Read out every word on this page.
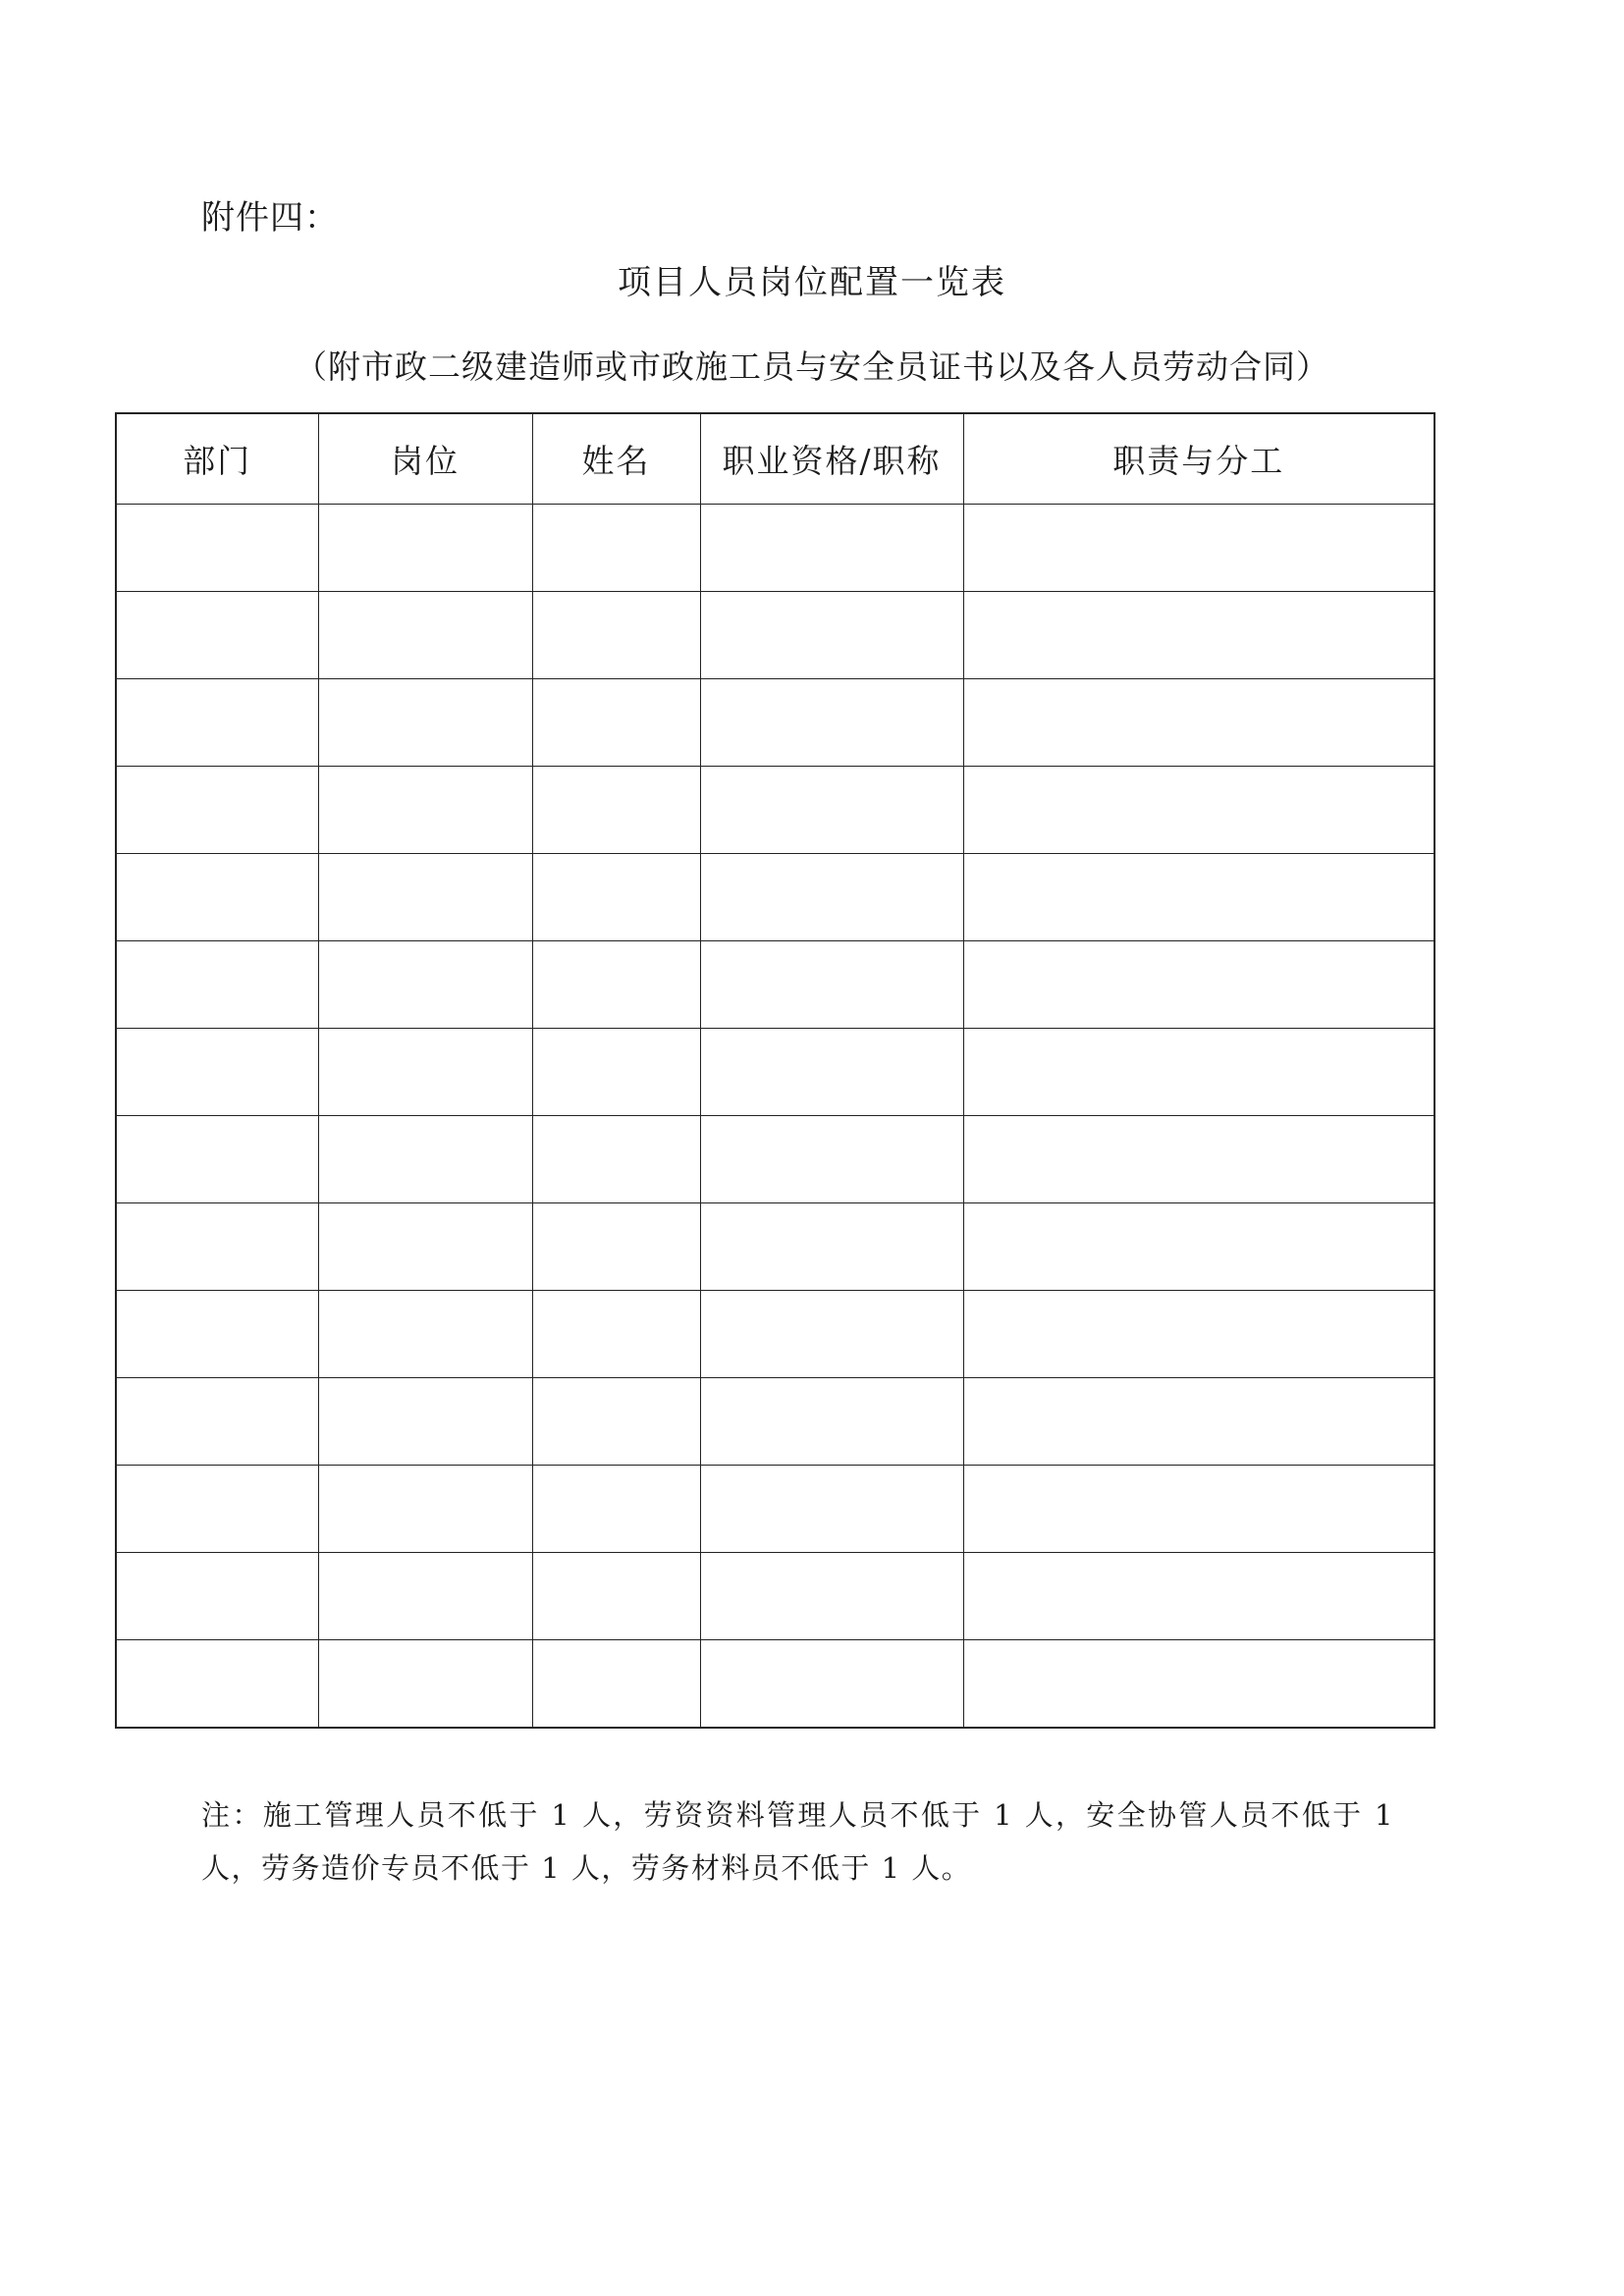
附件四：
项目人员岗位配置一览表
（附市政二级建造师或市政施工员与安全员证书以及各人员劳动合同）
部门	岗位	姓名	职业资格/职称	职责与分工

注：施工管理人员不低于 1 人，劳资资料管理人员不低于 1 人，安全协管人员不低于 1 人，劳务造价专员不低于 1 人，劳务材料员不低于 1 人。
